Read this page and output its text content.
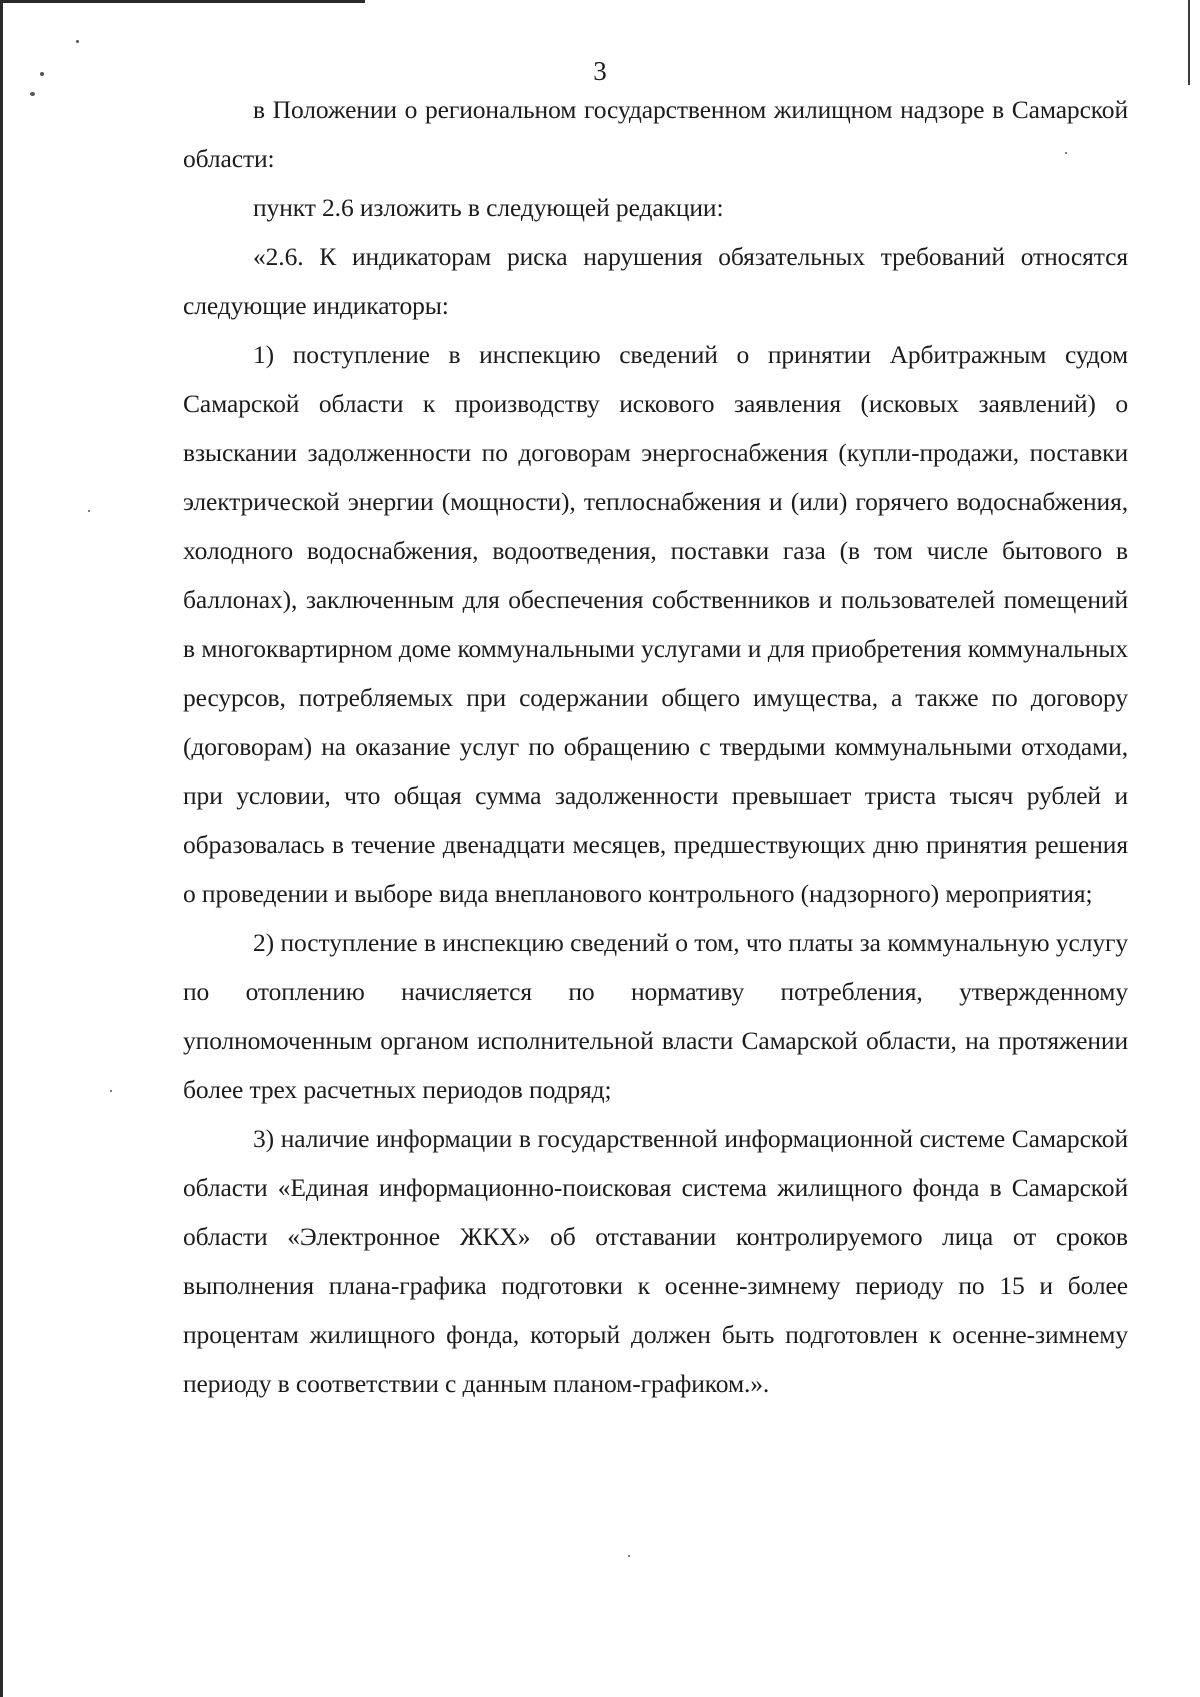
3

в Положении о региональном государственном жилищном надзоре в Самарской области:

пункт 2.6 изложить в следующей редакции:

«2.6. К индикаторам риска нарушения обязательных требований относятся следующие индикаторы:

1) поступление в инспекцию сведений о принятии Арбитражным судом Самарской области к производству искового заявления (исковых заявлений) о взыскании задолженности по договорам энергоснабжения (купли-продажи, поставки электрической энергии (мощности), теплоснабжения и (или) горячего водоснабжения, холодного водоснабжения, водоотведения, поставки газа (в том числе бытового в баллонах), заключенным для обеспечения собственников и пользователей помещений в многоквартирном доме коммунальными услугами и для приобретения коммунальных ресурсов, потребляемых при содержании общего имущества, а также по договору (договорам) на оказание услуг по обращению с твердыми коммунальными отходами, при условии, что общая сумма задолженности превышает триста тысяч рублей и образовалась в течение двенадцати месяцев, предшествующих дню принятия решения о проведении и выборе вида внепланового контрольного (надзорного) мероприятия;

2) поступление в инспекцию сведений о том, что платы за коммунальную услугу по отоплению начисляется по нормативу потребления, утвержденному уполномоченным органом исполнительной власти Самарской области, на протяжении более трех расчетных периодов подряд;

3) наличие информации в государственной информационной системе Самарской области «Единая информационно-поисковая система жилищного фонда в Самарской области «Электронное ЖКХ» об отставании контролируемого лица от сроков выполнения плана-графика подготовки к осенне-зимнему периоду по 15 и более процентам жилищного фонда, который должен быть подготовлен к осенне-зимнему периоду в соответствии с данным планом-графиком.».
